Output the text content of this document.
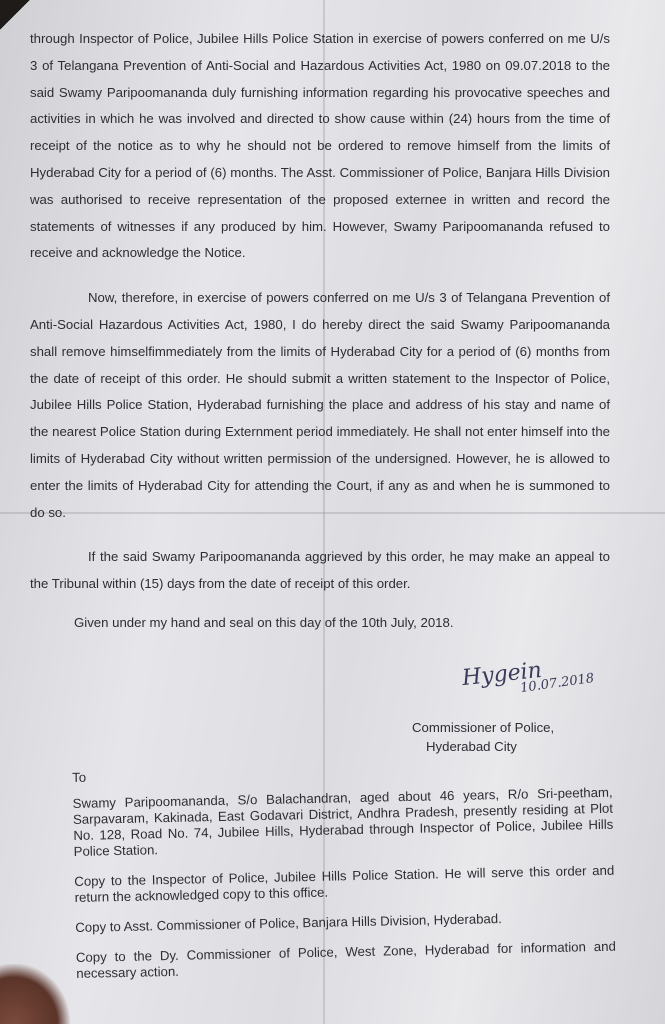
through Inspector of Police, Jubilee Hills Police Station in exercise of powers conferred on me U/s 3 of Telangana Prevention of Anti-Social and Hazardous Activities Act, 1980 on 09.07.2018 to the said Swamy Paripoomananda duly furnishing information regarding his provocative speeches and activities in which he was involved and directed to show cause within (24) hours from the time of receipt of the notice as to why he should not be ordered to remove himself from the limits of Hyderabad City for a period of (6) months. The Asst. Commissioner of Police, Banjara Hills Division was authorised to receive representation of the proposed externee in written and record the statements of witnesses if any produced by him. However, Swamy Paripoomananda refused to receive and acknowledge the Notice.

Now, therefore, in exercise of powers conferred on me U/s 3 of Telangana Prevention of Anti-Social Hazardous Activities Act, 1980, I do hereby direct the said Swamy Paripoomananda shall remove himselfimmediately from the limits of Hyderabad City for a period of (6) months from the date of receipt of this order. He should submit a written statement to the Inspector of Police, Jubilee Hills Police Station, Hyderabad furnishing the place and address of his stay and name of the nearest Police Station during Externment period immediately. He shall not enter himself into the limits of Hyderabad City without written permission of the undersigned. However, he is allowed to enter the limits of Hyderabad City for attending the Court, if any as and when he is summoned to do so.

If the said Swamy Paripoomananda aggrieved by this order, he may make an appeal to the Tribunal within (15) days from the date of receipt of this order.

Given under my hand and seal on this day of the 10th July, 2018.

Hygein
10.07.2018
Commissioner of Police,
Hyderabad City
To
Swamy Paripoomananda, S/o Balachandran, aged about 46 years, R/o Sri-peetham, Sarpavaram, Kakinada, East Godavari District, Andhra Pradesh, presently residing at Plot No. 128, Road No. 74, Jubilee Hills, Hyderabad through Inspector of Police, Jubilee Hills Police Station.
Copy to the Inspector of Police, Jubilee Hills Police Station. He will serve this order and return the acknowledged copy to this office.
Copy to Asst. Commissioner of Police, Banjara Hills Division, Hyderabad.
Copy to the Dy. Commissioner of Police, West Zone, Hyderabad for information and necessary action.
